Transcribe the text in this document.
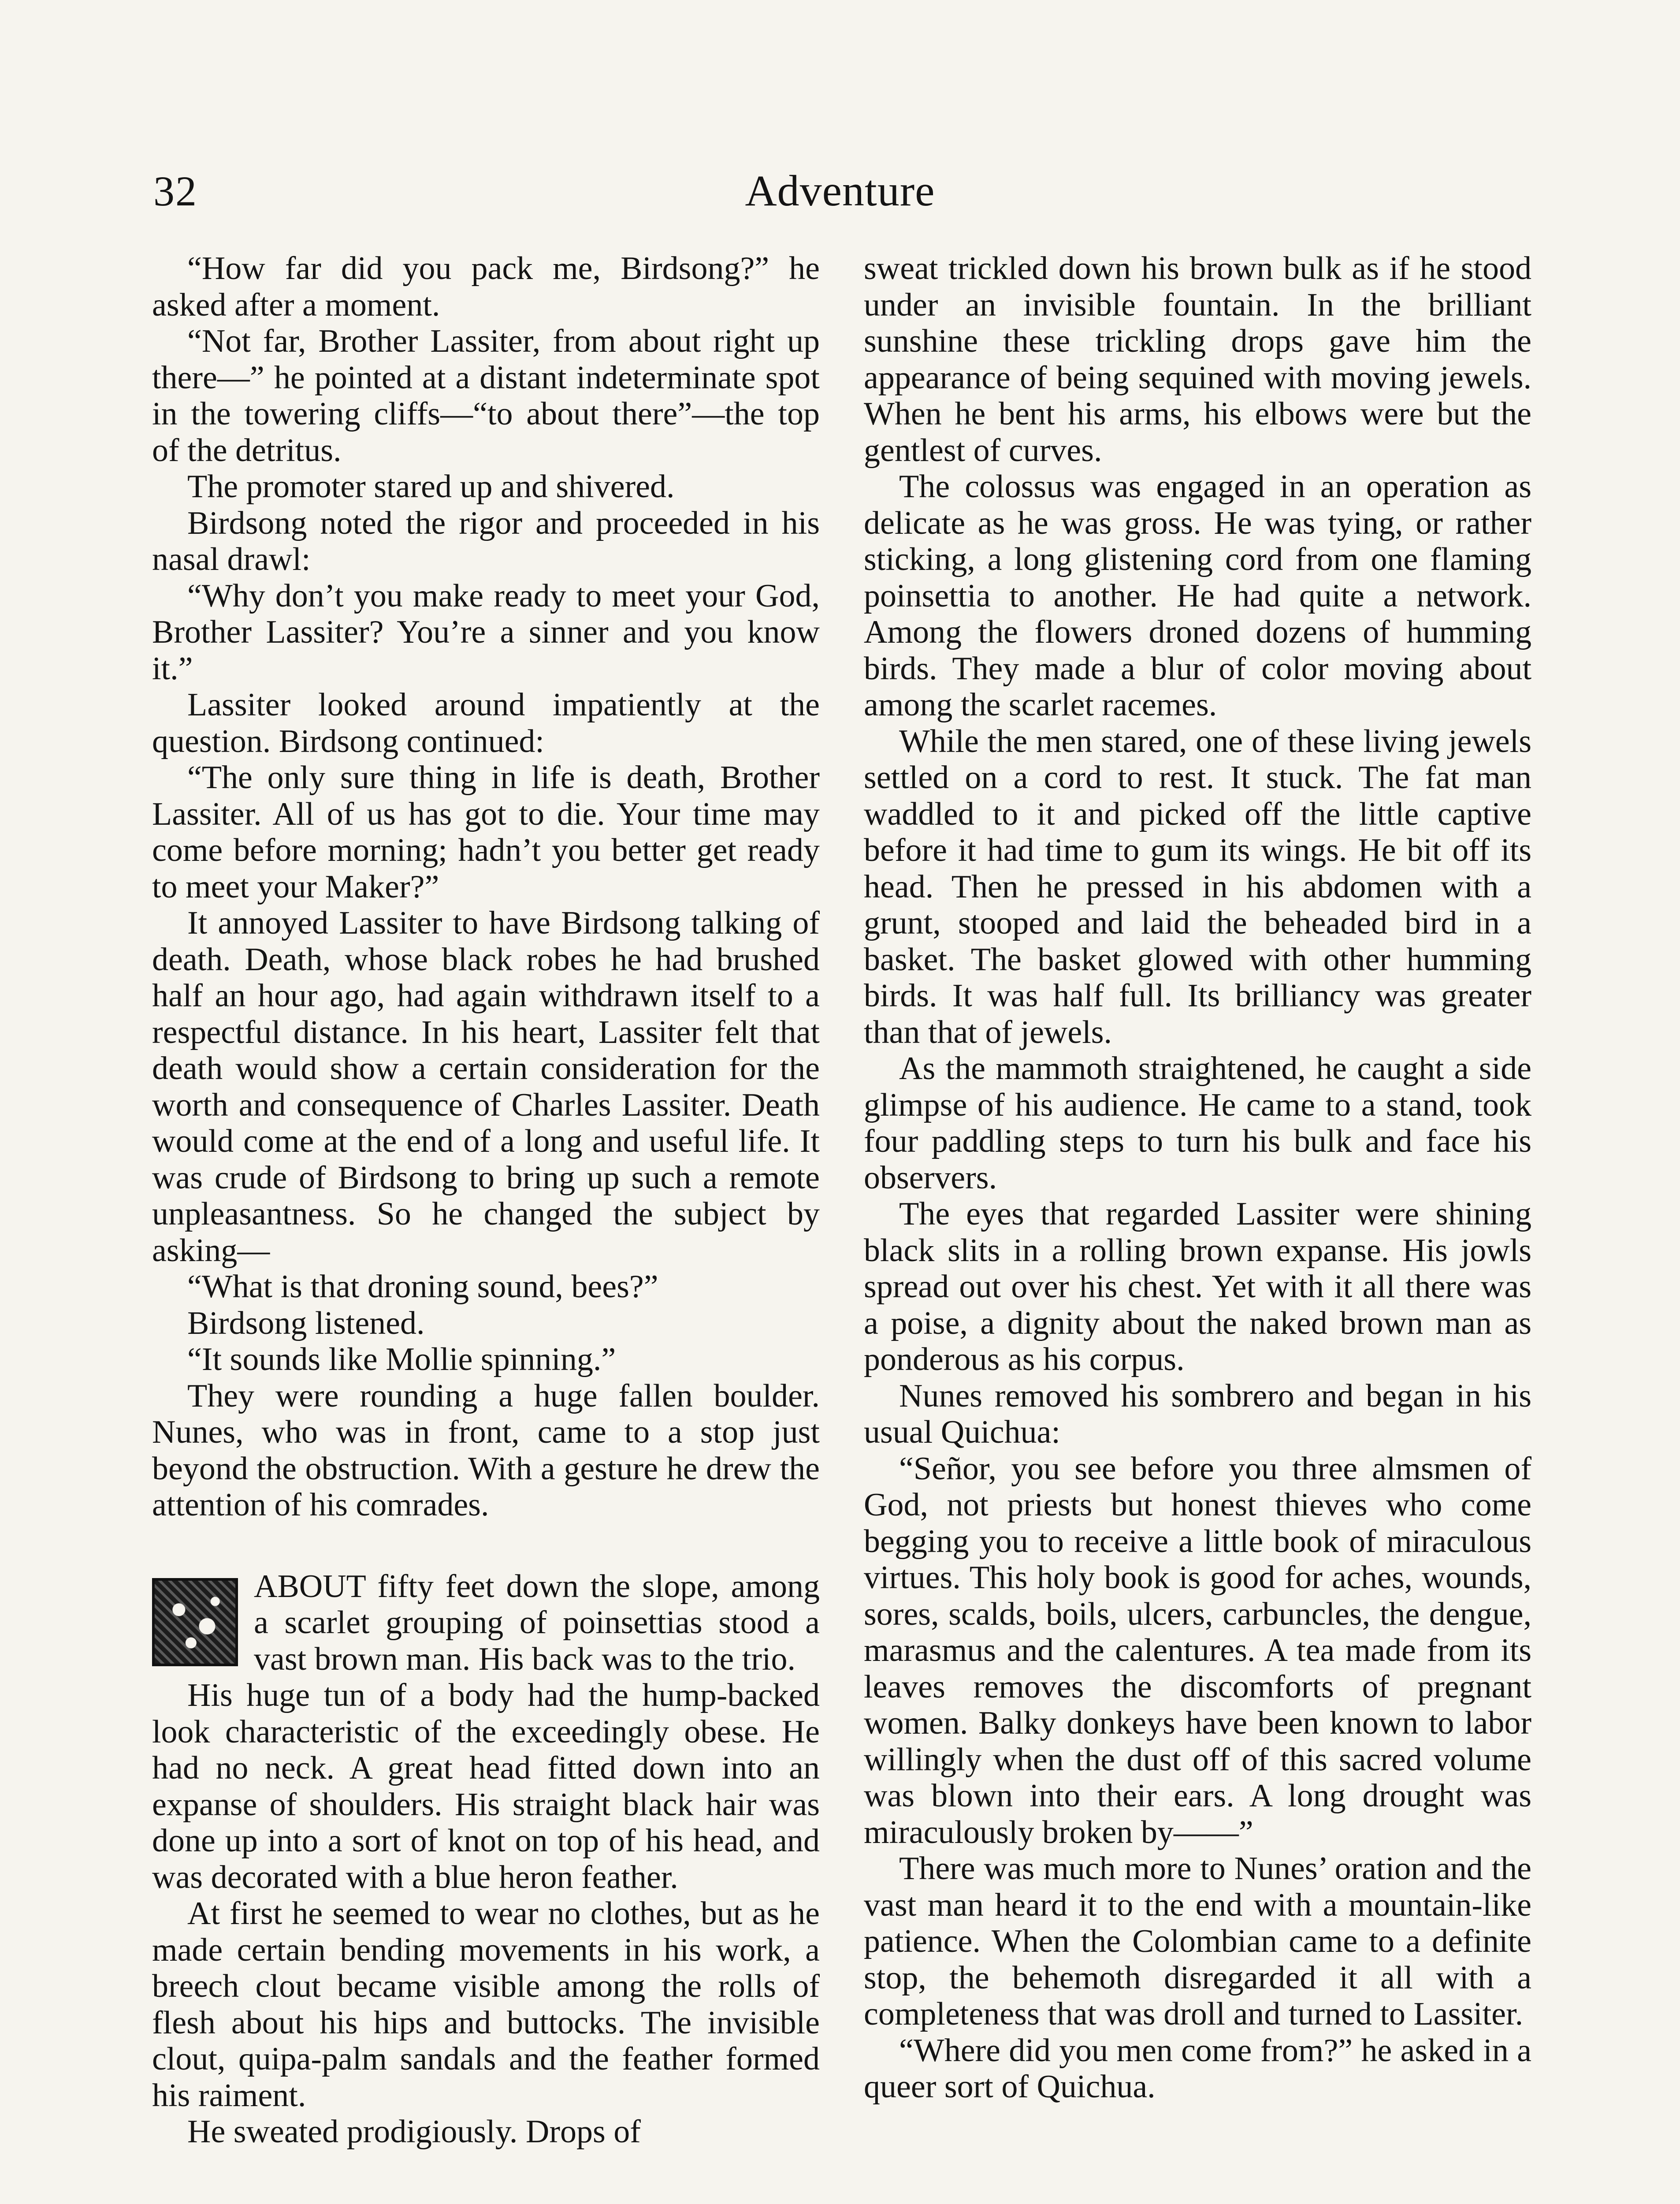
32	Adventure

“How far did you pack me, Birdsong?” he asked after a moment.

“Not far, Brother Lassiter, from about right up there—” he pointed at a distant indeterminate spot in the towering cliffs—“to about there”—the top of the detritus.

The promoter stared up and shivered.

Birdsong noted the rigor and proceeded in his nasal drawl:

“Why don’t you make ready to meet your God, Brother Lassiter? You’re a sinner and you know it.”

Lassiter looked around impatiently at the question. Birdsong continued:

“The only sure thing in life is death, Brother Lassiter. All of us has got to die. Your time may come before morning; hadn’t you better get ready to meet your Maker?”

It annoyed Lassiter to have Birdsong talking of death. Death, whose black robes he had brushed half an hour ago, had again withdrawn itself to a respectful distance. In his heart, Lassiter felt that death would show a certain consideration for the worth and consequence of Charles Lassiter. Death would come at the end of a long and useful life. It was crude of Birdsong to bring up such a remote unpleasantness. So he changed the subject by asking—

“What is that droning sound, bees?”

Birdsong listened.

“It sounds like Mollie spinning.”

They were rounding a huge fallen boulder. Nunes, who was in front, came to a stop just beyond the obstruction. With a gesture he drew the attention of his comrades.

ABOUT fifty feet down the slope, among a scarlet grouping of poinsettias stood a vast brown man. His back was to the trio.

His huge tun of a body had the hump-backed look characteristic of the exceedingly obese. He had no neck. A great head fitted down into an expanse of shoulders. His straight black hair was done up into a sort of knot on top of his head, and was decorated with a blue heron feather.

At first he seemed to wear no clothes, but as he made certain bending movements in his work, a breech clout became visible among the rolls of flesh about his hips and buttocks. The invisible clout, quipa-palm sandals and the feather formed his raiment.

He sweated prodigiously. Drops of

sweat trickled down his brown bulk as if he stood under an invisible fountain. In the brilliant sunshine these trickling drops gave him the appearance of being sequined with moving jewels. When he bent his arms, his elbows were but the gentlest of curves.

The colossus was engaged in an operation as delicate as he was gross. He was tying, or rather sticking, a long glistening cord from one flaming poinsettia to another. He had quite a network. Among the flowers droned dozens of humming birds. They made a blur of color moving about among the scarlet racemes.

While the men stared, one of these living jewels settled on a cord to rest. It stuck. The fat man waddled to it and picked off the little captive before it had time to gum its wings. He bit off its head. Then he pressed in his abdomen with a grunt, stooped and laid the beheaded bird in a basket. The basket glowed with other humming birds. It was half full. Its brilliancy was greater than that of jewels.

As the mammoth straightened, he caught a side glimpse of his audience. He came to a stand, took four paddling steps to turn his bulk and face his observers.

The eyes that regarded Lassiter were shining black slits in a rolling brown expanse. His jowls spread out over his chest. Yet with it all there was a poise, a dignity about the naked brown man as ponderous as his corpus.

Nunes removed his sombrero and began in his usual Quichua:

“Señor, you see before you three almsmen of God, not priests but honest thieves who come begging you to receive a little book of miraculous virtues. This holy book is good for aches, wounds, sores, scalds, boils, ulcers, carbuncles, the dengue, marasmus and the calentures. A tea made from its leaves removes the discomforts of pregnant women. Balky donkeys have been known to labor willingly when the dust off of this sacred volume was blown into their ears. A long drought was miraculously broken by——”

There was much more to Nunes’ oration and the vast man heard it to the end with a mountain-like patience. When the Colombian came to a definite stop, the behemoth disregarded it all with a completeness that was droll and turned to Lassiter.

“Where did you men come from?” he asked in a queer sort of Quichua.
